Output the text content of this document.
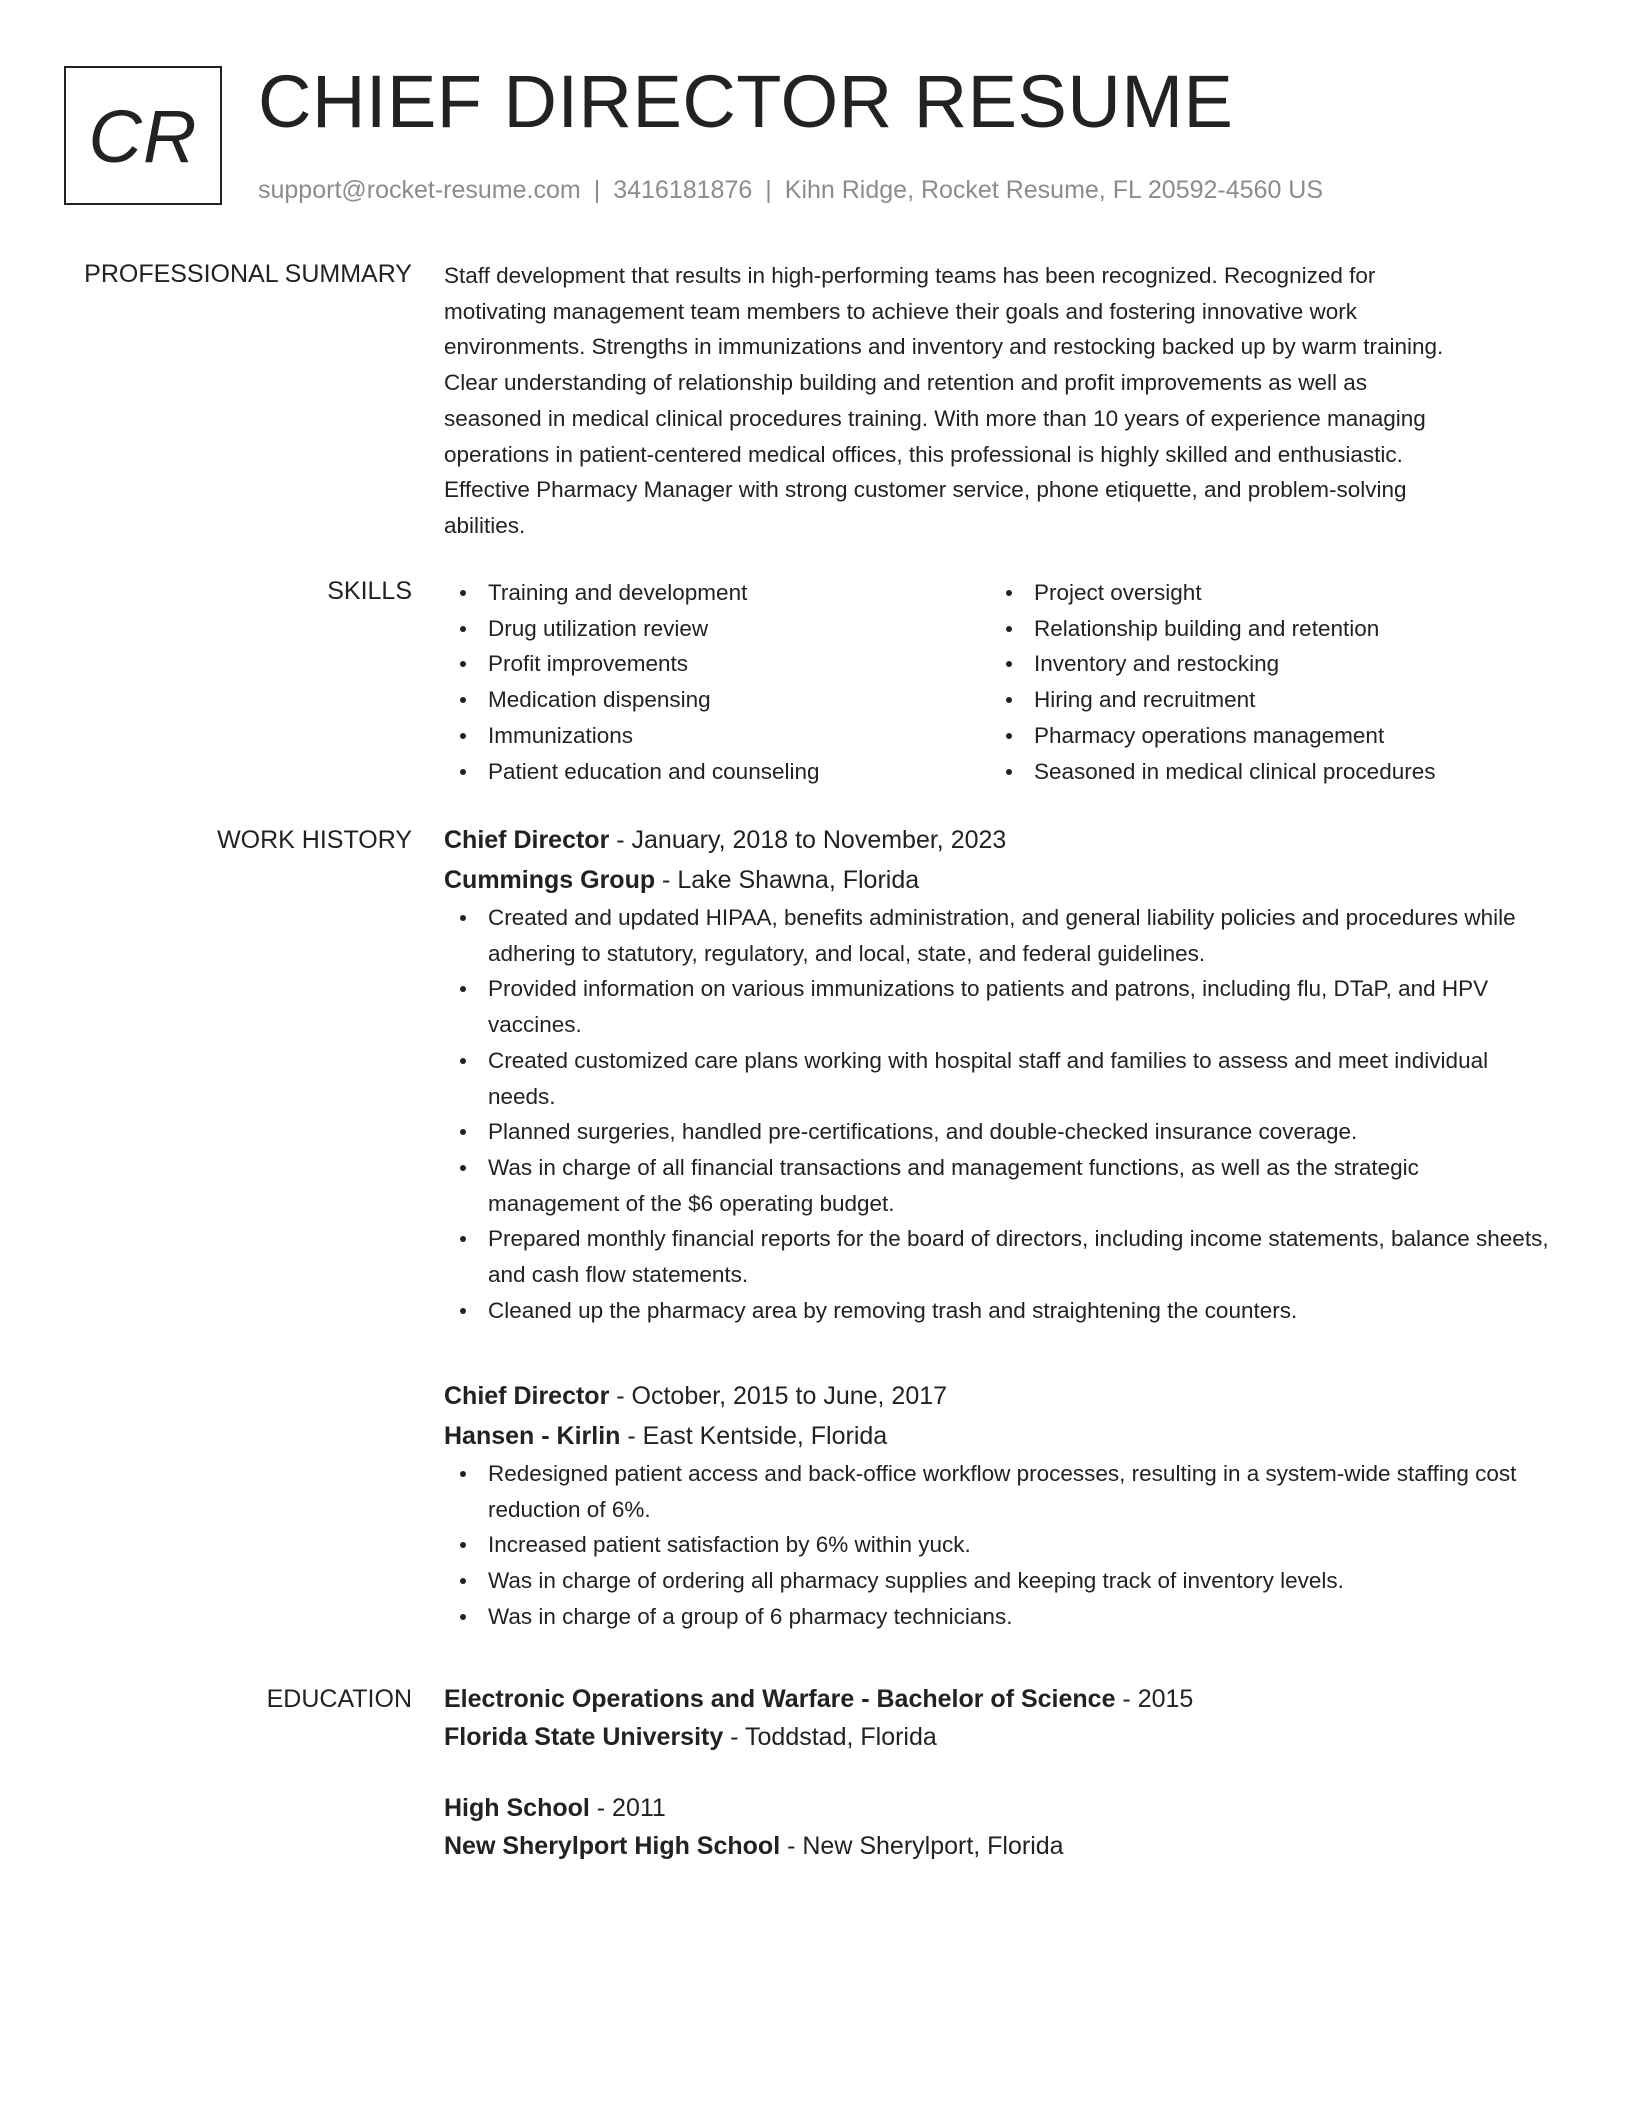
CR CHIEF DIRECTOR RESUME
support@rocket-resume.com | 3416181876 | Kihn Ridge, Rocket Resume, FL 20592-4560 US
PROFESSIONAL SUMMARY Staff development that results in high-performing teams has been recognized. Recognized for

motivating management team members to achieve their goals and fostering innovative work

environments. Strengths in immunizations and inventory and restocking backed up by warm training.

Clear understanding of relationship building and retention and profit improvements as well as

seasoned in medical clinical procedures training. With more than 10 years of experience managing

operations in patient-centered medical offices, this professional is highly skilled and enthusiastic.

Effective Pharmacy Manager with strong customer service, phone etiquette, and problem-solving

abilities.

SKILLS	Training and development
Drug utilization review
Profit improvements
Medication dispensing
Immunizations
Patient education and counseling
Project oversight
Relationship building and retention
Inventory and restocking
Hiring and recruitment
Pharmacy operations management
Seasoned in medical clinical procedures
WORK HISTORY Chief Director - January, 2018 to November, 2023
Cummings Group - Lake Shawna, Florida
Created and updated HIPAA, benefits administration, and general liability policies and procedures while adhering to statutory, regulatory, and local, state, and federal guidelines.
Provided information on various immunizations to patients and patrons, including flu, DTaP, and HPV vaccines.
Created customized care plans working with hospital staff and families to assess and meet individual needs.
Planned surgeries, handled pre-certifications, and double-checked insurance coverage.
Was in charge of all financial transactions and management functions, as well as the strategic management of the $6 operating budget.
Prepared monthly financial reports for the board of directors, including income statements, balance sheets, and cash flow statements.
Cleaned up the pharmacy area by removing trash and straightening the counters.
Chief Director - October, 2015 to June, 2017
Hansen - Kirlin - East Kentside, Florida
Redesigned patient access and back-office workflow processes, resulting in a system-wide staffing cost reduction of 6%.
Increased patient satisfaction by 6% within yuck.
Was in charge of ordering all pharmacy supplies and keeping track of inventory levels.
Was in charge of a group of 6 pharmacy technicians.
EDUCATION Electronic Operations and Warfare - Bachelor of Science - 2015
Florida State University - Toddstad, Florida
High School - 2011
New Sherylport High School - New Sherylport, Florida
